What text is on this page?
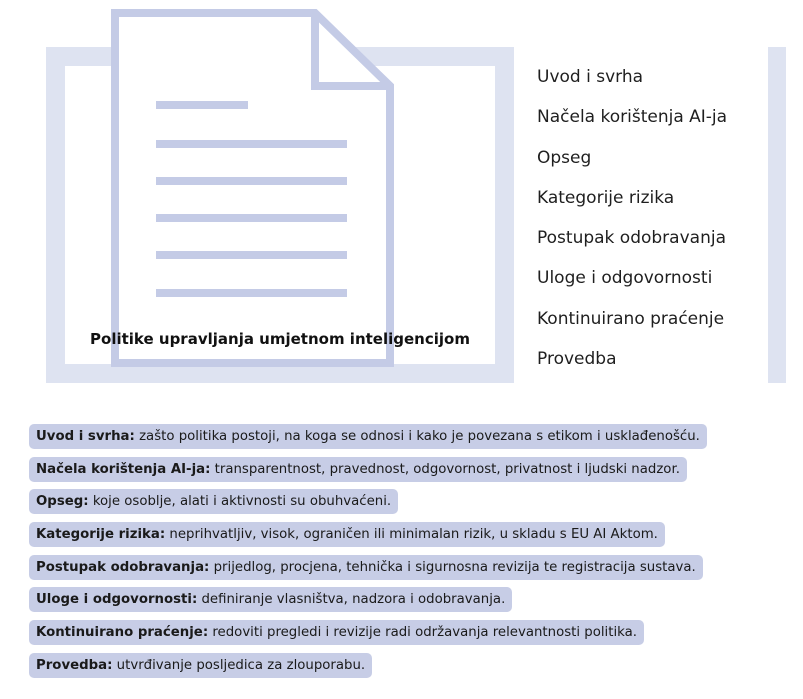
Politike upravljanja umjetnom inteligencijom
Uvod i svrha
Načela korištenja AI-ja
Opseg
Kategorije rizika
Postupak odobravanja
Uloge i odgovornosti
Kontinuirano praćenje
Provedba
Uvod i svrha: zašto politika postoji, na koga se odnosi i kako je povezana s etikom i usklađenošću.
Načela korištenja AI-ja: transparentnost, pravednost, odgovornost, privatnost i ljudski nadzor.
Opseg: koje osoblje, alati i aktivnosti su obuhvaćeni.
Kategorije rizika: neprihvatljiv, visok, ograničen ili minimalan rizik, u skladu s EU AI Aktom.
Postupak odobravanja: prijedlog, procjena, tehnička i sigurnosna revizija te registracija sustava.
Uloge i odgovornosti: definiranje vlasništva, nadzora i odobravanja.
Kontinuirano praćenje: redoviti pregledi i revizije radi održavanja relevantnosti politika.
Provedba: utvrđivanje posljedica za zlouporabu.
